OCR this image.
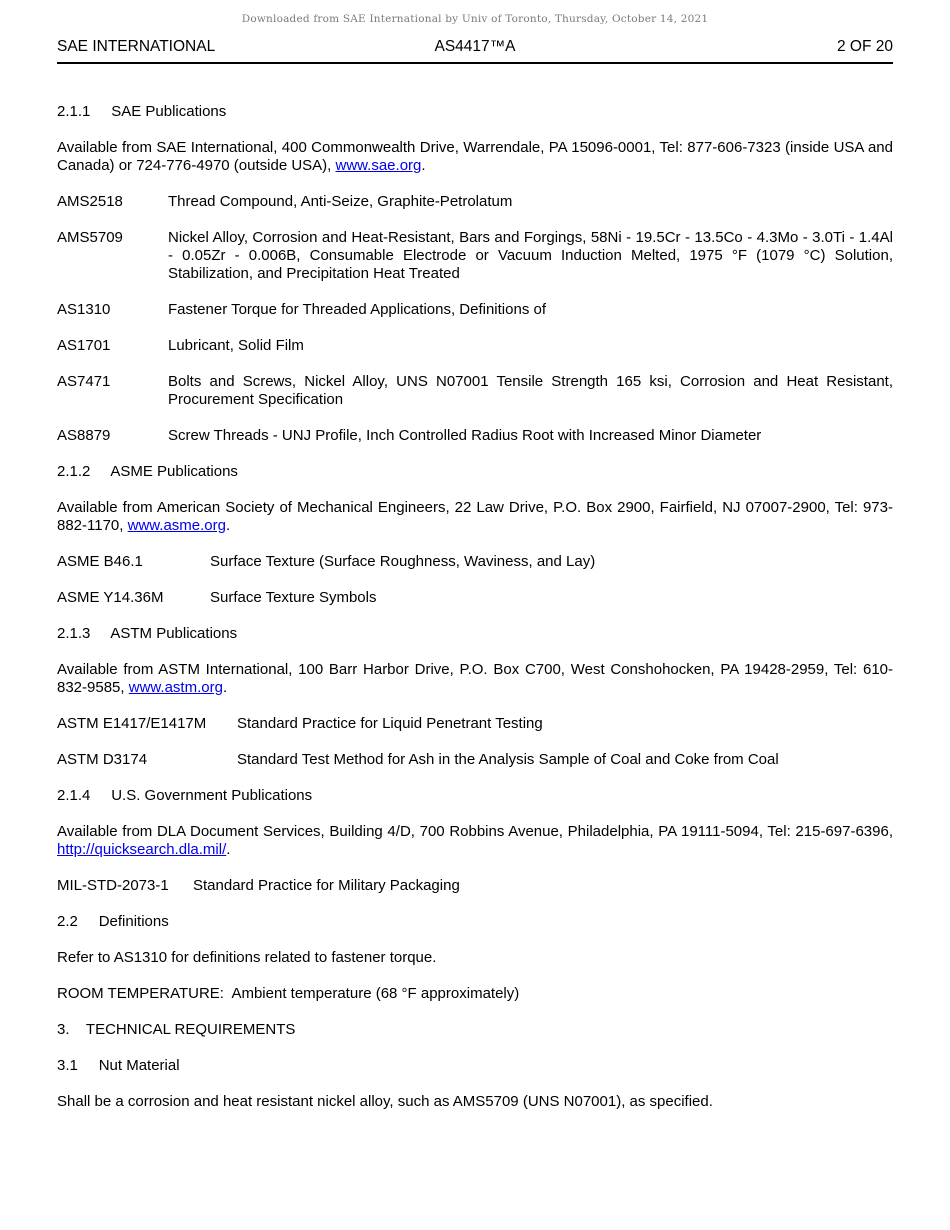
Downloaded from SAE International by Univ of Toronto, Thursday, October 14, 2021
SAE INTERNATIONAL	AS4417™A	2 OF 20
2.1.1     SAE Publications

Available from SAE International, 400 Commonwealth Drive, Warrendale, PA 15096-0001, Tel: 877-606-7323 (inside USA and Canada) or 724-776-4970 (outside USA), www.sae.org.

AMS2518	Thread Compound, Anti-Seize, Graphite-Petrolatum
AMS5709	Nickel Alloy, Corrosion and Heat-Resistant, Bars and Forgings, 58Ni - 19.5Cr - 13.5Co - 4.3Mo - 3.0Ti - 1.4Al - 0.05Zr - 0.006B, Consumable Electrode or Vacuum Induction Melted, 1975 °F (1079 °C) Solution, Stabilization, and Precipitation Heat Treated
AS1310	Fastener Torque for Threaded Applications, Definitions of
AS1701	Lubricant, Solid Film
AS7471	Bolts and Screws, Nickel Alloy, UNS N07001 Tensile Strength 165 ksi, Corrosion and Heat Resistant, Procurement Specification
AS8879	Screw Threads - UNJ Profile, Inch Controlled Radius Root with Increased Minor Diameter
2.1.2     ASME Publications

Available from American Society of Mechanical Engineers, 22 Law Drive, P.O. Box 2900, Fairfield, NJ 07007-2900, Tel: 973-882-1170, www.asme.org.

ASME B46.1	Surface Texture (Surface Roughness, Waviness, and Lay)
ASME Y14.36M	Surface Texture Symbols
2.1.3     ASTM Publications

Available from ASTM International, 100 Barr Harbor Drive, P.O. Box C700, West Conshohocken, PA 19428-2959, Tel: 610-832-9585, www.astm.org.

ASTM E1417/E1417M	Standard Practice for Liquid Penetrant Testing
ASTM D3174	Standard Test Method for Ash in the Analysis Sample of Coal and Coke from Coal
2.1.4     U.S. Government Publications

Available from DLA Document Services, Building 4/D, 700 Robbins Avenue, Philadelphia, PA 19111-5094, Tel: 215-697-6396, http://quicksearch.dla.mil/.

MIL-STD-2073-1	Standard Practice for Military Packaging
2.2     Definitions

Refer to AS1310 for definitions related to fastener torque.

ROOM TEMPERATURE:  Ambient temperature (68 °F approximately)

3.    TECHNICAL REQUIREMENTS
3.1     Nut Material

Shall be a corrosion and heat resistant nickel alloy, such as AMS5709 (UNS N07001), as specified.
